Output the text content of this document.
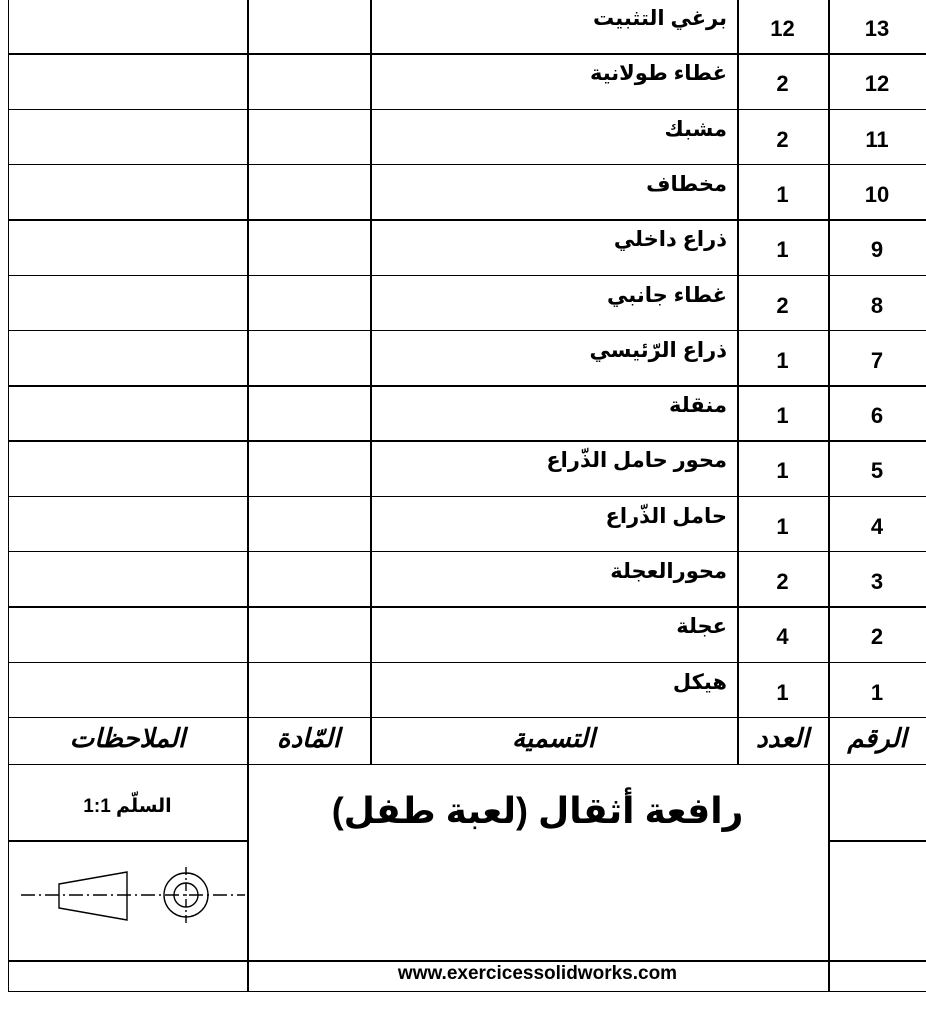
13
12
برغي التثبيت
12
2
غطاء طولانية
11
2
مشبك
10
1
مخطاف
9
1
ذراع داخلي
8
2
غطاء جانبي
7
1
ذراع الرّئيسي
6
1
منقلة
5
1
محور حامل الذّراع
4
1
حامل الذّراع
3
2
محورالعجلة
2
4
عجلة
1
1
هيكل
الرقم
العدد
التسمية
المّادة
الملاحظات
رافعة أثقال (لعبة طفل)
السلّم 1:1
www.exercicessolidworks.com
